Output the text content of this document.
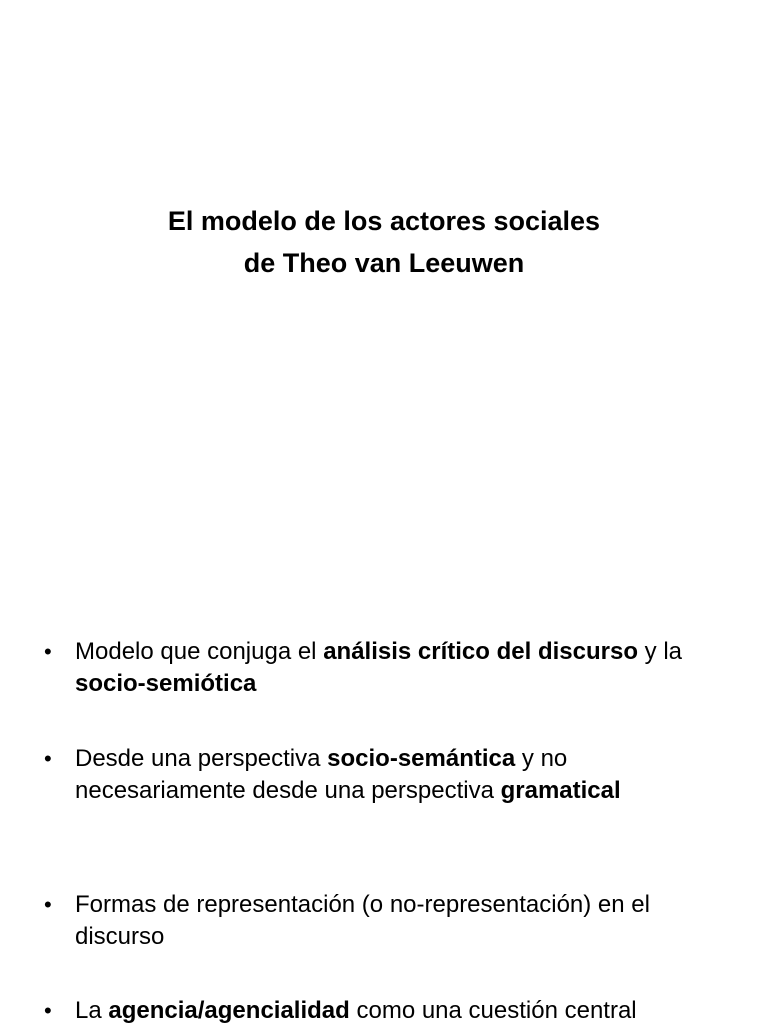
El modelo de los actores sociales
de Theo van Leeuwen
• Modelo que conjuga el análisis crítico del discurso y la socio-semiótica
• Desde una perspectiva socio-semántica y no necesariamente desde una perspectiva gramatical
• Formas de representación (o no-representación) en el discurso
• La agencia/agencialidad como una cuestión central
